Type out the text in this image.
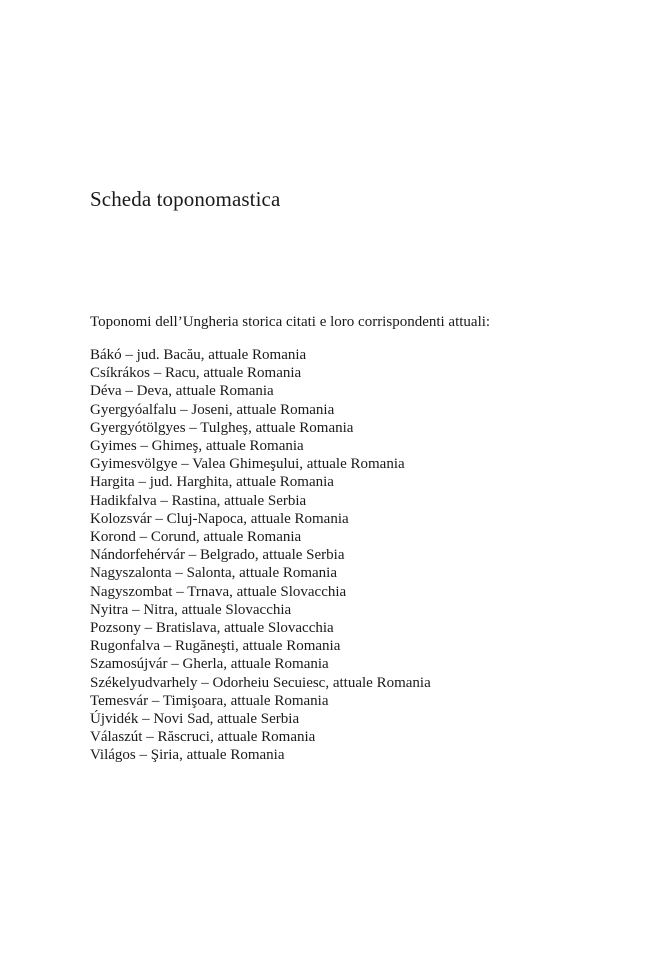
Scheda toponomastica

Toponomi dell’Ungheria storica citati e loro corrispondenti attuali:

Bákó – jud. Bacău, attuale Romania
Csíkrákos – Racu, attuale Romania
Déva – Deva, attuale Romania
Gyergyóalfalu – Joseni, attuale Romania
Gyergyótölgyes – Tulgheş, attuale Romania
Gyimes – Ghimeş, attuale Romania
Gyimesvölgye – Valea Ghimeşului, attuale Romania
Hargita – jud. Harghita, attuale Romania
Hadikfalva – Rastina, attuale Serbia
Kolozsvár – Cluj-Napoca, attuale Romania
Korond – Corund, attuale Romania
Nándorfehérvár – Belgrado, attuale Serbia
Nagyszalonta – Salonta, attuale Romania
Nagyszombat – Trnava, attuale Slovacchia
Nyitra – Nitra, attuale Slovacchia
Pozsony – Bratislava, attuale Slovacchia
Rugonfalva – Rugăneşti, attuale Romania
Szamosújvár – Gherla, attuale Romania
Székelyudvarhely – Odorheiu Secuiesc, attuale Romania
Temesvár – Timişoara, attuale Romania
Újvidék – Novi Sad, attuale Serbia
Válaszút – Răscruci, attuale Romania
Világos – Şiria, attuale Romania
